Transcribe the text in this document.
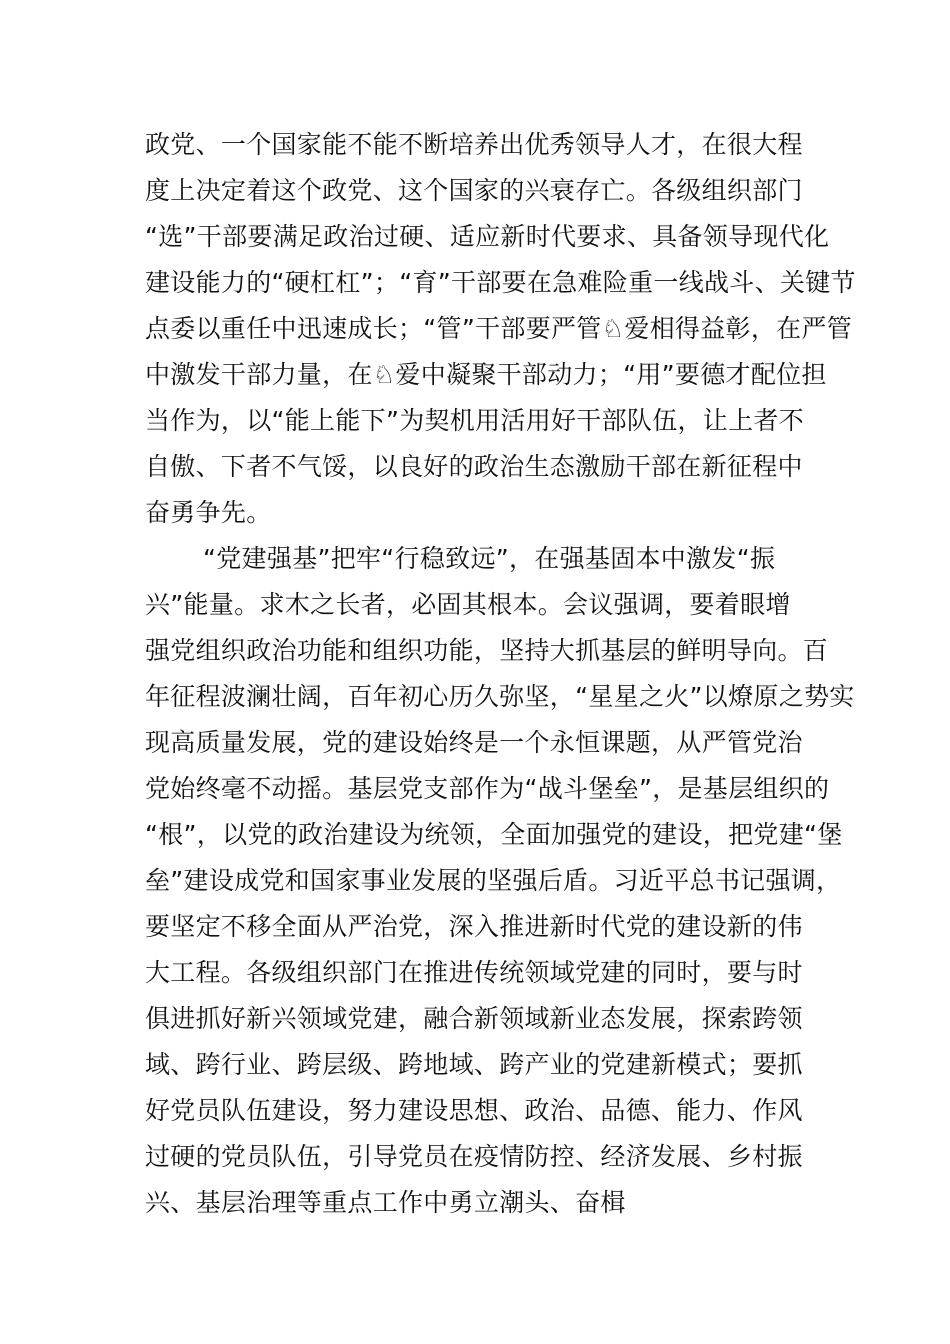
政党、一个国家能不能不断培养出优秀领导人才，在很大程
度上决定着这个政党、这个国家的兴衰存亡。各级组织部门
“选”干部要满足政治过硬、适应新时代要求、具备领导现代化
建设能力的“硬杠杠”；“育”干部要在急难险重一线战斗、关键节
点委以重任中迅速成长；“管”干部要严管♘爱相得益彰，在严管
中激发干部力量，在♘爱中凝聚干部动力；“用”要德才配位担
当作为，以“能上能下”为契机用活用好干部队伍，让上者不
自傲、下者不气馁，以良好的政治生态激励干部在新征程中
奋勇争先。
“党建强基”把牢“行稳致远”，在强基固本中激发“振
兴”能量。求木之长者，必固其根本。会议强调，要着眼增
强党组织政治功能和组织功能，坚持大抓基层的鲜明导向。百
年征程波澜壮阔，百年初心历久弥坚，“星星之火”以燎原之势实
现高质量发展，党的建设始终是一个永恒课题，从严管党治
党始终毫不动摇。基层党支部作为“战斗堡垒”，是基层组织的
“根”，以党的政治建设为统领，全面加强党的建设，把党建“堡
垒”建设成党和国家事业发展的坚强后盾。习近平总书记强调，
要坚定不移全面从严治党，深入推进新时代党的建设新的伟
大工程。各级组织部门在推进传统领域党建的同时，要与时
俱进抓好新兴领域党建，融合新领域新业态发展，探索跨领
域、跨行业、跨层级、跨地域、跨产业的党建新模式；要抓
好党员队伍建设，努力建设思想、政治、品德、能力、作风
过硬的党员队伍，引导党员在疫情防控、经济发展、乡村振
兴、基层治理等重点工作中勇立潮头、奋楫
